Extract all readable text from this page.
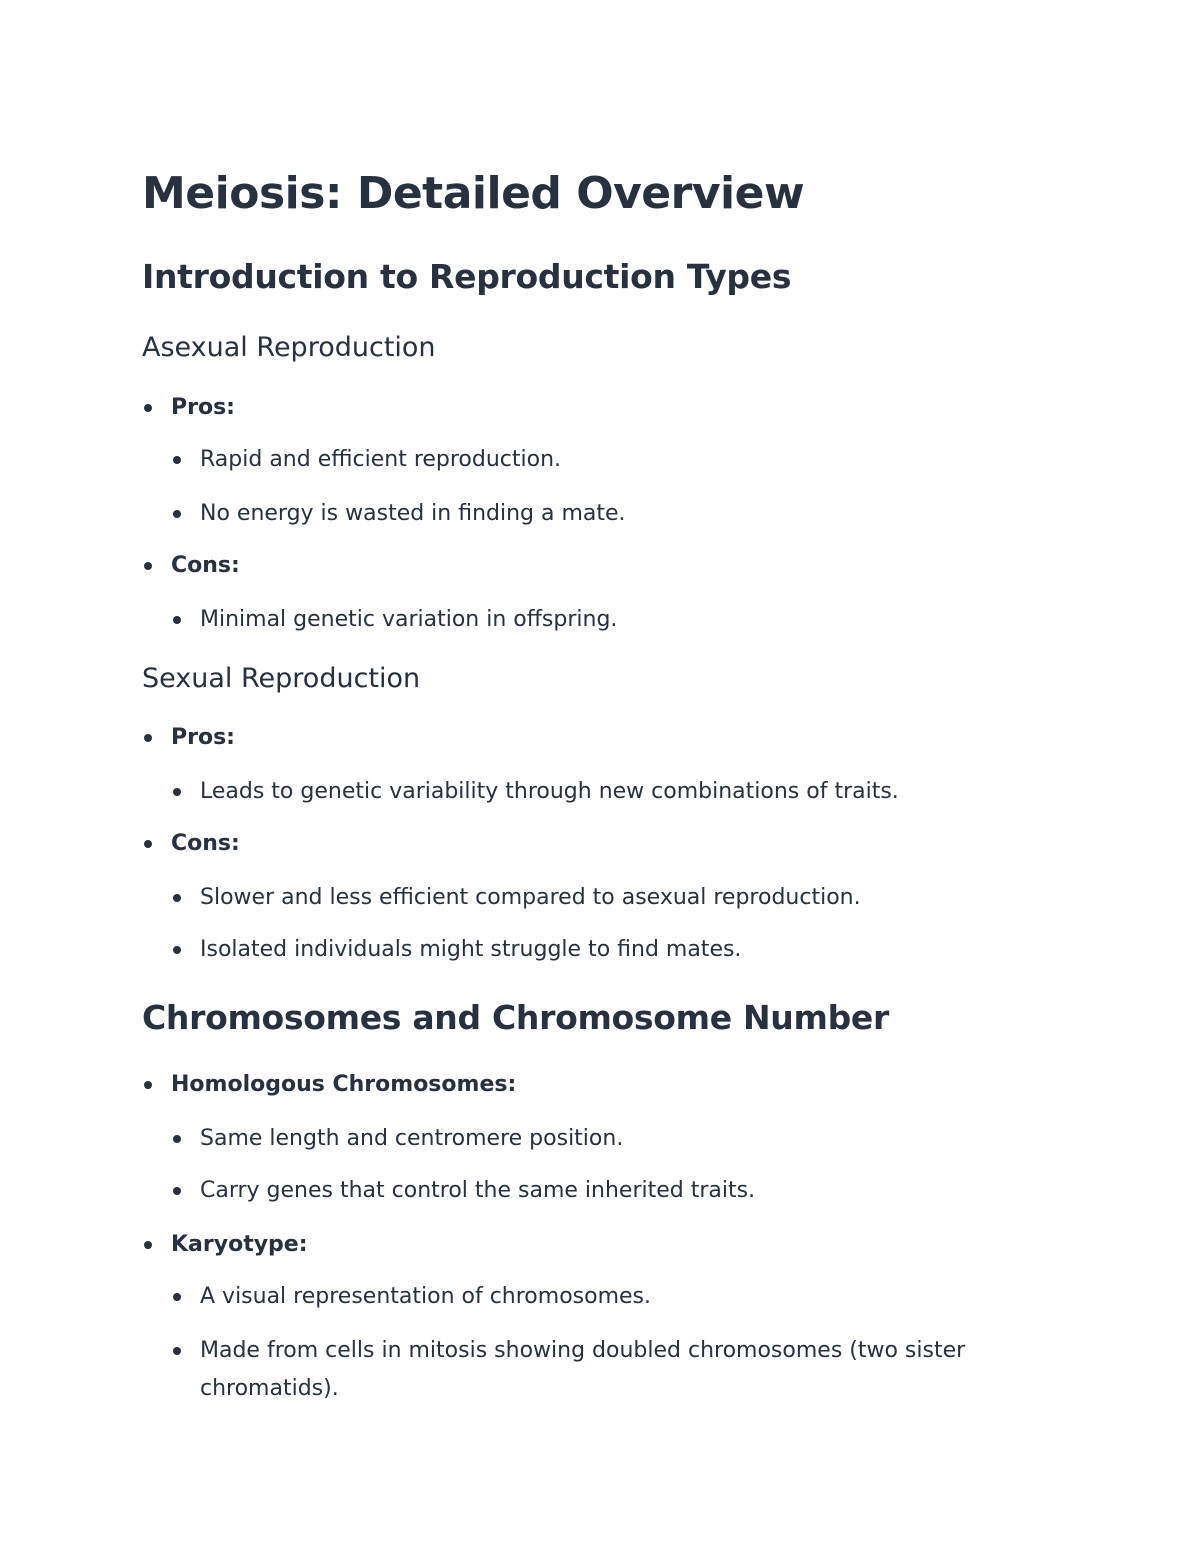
Meiosis: Detailed Overview
Introduction to Reproduction Types
Asexual Reproduction
Pros:
Rapid and efficient reproduction.
No energy is wasted in finding a mate.
Cons:
Minimal genetic variation in offspring.
Sexual Reproduction
Pros:
Leads to genetic variability through new combinations of traits.
Cons:
Slower and less efficient compared to asexual reproduction.
Isolated individuals might struggle to find mates.
Chromosomes and Chromosome Number
Homologous Chromosomes:
Same length and centromere position.
Carry genes that control the same inherited traits.
Karyotype:
A visual representation of chromosomes.
Made from cells in mitosis showing doubled chromosomes (two sister chromatids).
